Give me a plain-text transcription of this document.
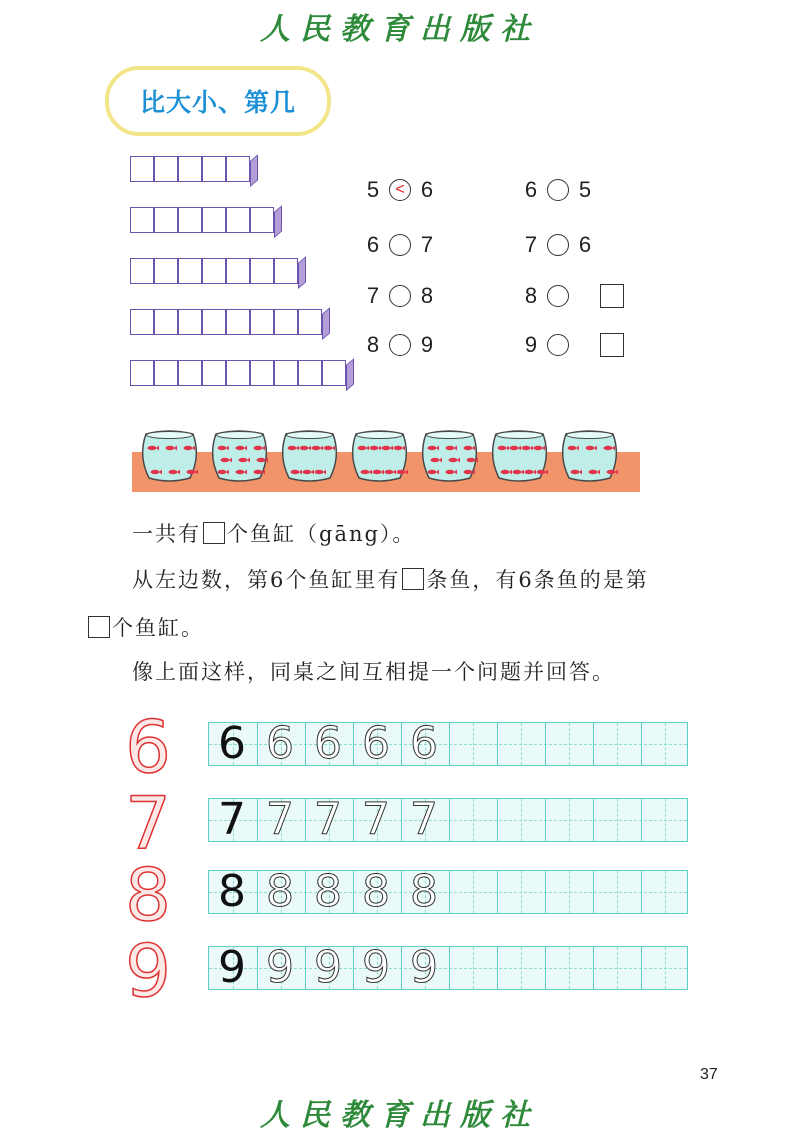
人民教育出版社
比大小、第几
5	< 6
6 7
7 8
8 9
6 5
7 6
8
9
一共有 个鱼缸（gāng）。
从左边数，第6个鱼缸里有 条鱼，有6条鱼的是第
个鱼缸。
像上面这样，同桌之间互相提一个问题并回答。
6 6 6 6 6 6
7 7 7 7 7 7
8 8 8 8 8 8
9 9 9 9 9 9
37
人民教育出版社
